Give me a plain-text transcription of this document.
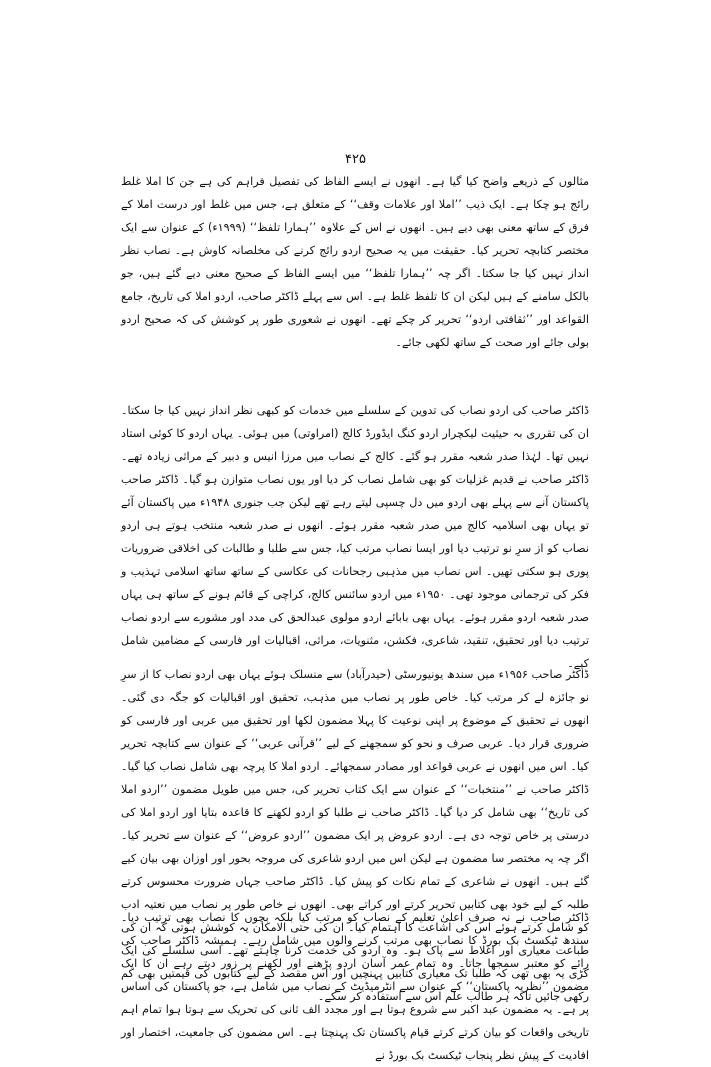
۴۲۵
مثالوں کے ذریعے واضح کیا گیا ہے۔ انھوں نے ایسے الفاظ کی تفصیل فراہم کی ہے جن کا املا غلط رائج ہو چکا ہے۔ ایک ذیب ’’املا اور علامات وقف‘‘ کے متعلق ہے، جس میں غلط اور درست املا کے فرق کے ساتھ معنی بھی دیے ہیں۔ انھوں نے اس کے علاوہ ’’ہمارا تلفظ‘‘ (۱۹۹۹ء) کے عنوان سے ایک مختصر کتابچہ تحریر کیا۔ حقیقت میں یہ صحیح اردو رائج کرنے کی مخلصانہ کاوش ہے۔ نصاب نظر انداز نہیں کیا جا سکتا۔ اگر چہ ’’ہمارا تلفظ‘‘ میں ایسے الفاظ کے صحیح معنی دیے گئے ہیں، جو بالکل سامنے کے ہیں لیکن ان کا تلفظ غلط ہے۔ اس سے پہلے ڈاکٹر صاحب، اردو املا کی تاریخ، جامع القواعد اور ’’ثقافتی اردو‘‘ تحریر کر چکے تھے۔ انھوں نے شعوری طور پر کوشش کی کہ صحیح اردو بولی جائے اور صحت کے ساتھ لکھی جائے۔
ڈاکٹر صاحب کی اردو نصاب کی تدوین کے سلسلے میں خدمات کو کبھی نظر انداز نہیں کیا جا سکتا۔ ان کی تقرری بہ حیثیت لیکچرار اردو کنگ ایڈورڈ کالج (امراوتی) میں ہوئی۔ یہاں اردو کا کوئی استاد نہیں تھا۔ لہٰذا صدر شعبہ مقرر ہو گئے۔ کالج کے نصاب میں مرزا انیس و دبیر کے مراثی زیادہ تھے۔ ڈاکٹر صاحب نے قدیم غزلیات کو بھی شامل نصاب کر دیا اور یوں نصاب متوازن ہو گیا۔ ڈاکٹر صاحب پاکستان آنے سے پہلے بھی اردو میں دل چسپی لیتے رہے تھے لیکن جب جنوری ۱۹۴۸ء میں پاکستان آئے تو یہاں بھی اسلامیہ کالج میں صدر شعبہ مقرر ہوئے۔ انھوں نے صدر شعبہ منتخب ہوتے ہی اردو نصاب کو از سرِ نو ترتیب دیا اور ایسا نصاب مرتب کیا، جس سے طلبا و طالبات کی اخلاقی ضروریات پوری ہو سکتی تھیں۔ اس نصاب میں مذہبی رجحانات کی عکاسی کے ساتھ ساتھ اسلامی تہذیب و فکر کی ترجمانی موجود تھی۔ ۱۹۵۰ء میں اردو سائنس کالج، کراچی کے قائم ہونے کے ساتھ ہی یہاں صدر شعبہ اردو مقرر ہوئے۔ یہاں بھی بابائے اردو مولوی عبدالحق کی مدد اور مشورے سے اردو نصاب ترتیب دیا اور تحقیق، تنقید، شاعری، فکشن، مثنویات، مراثی، اقبالیات اور فارسی کے مضامین شامل کیے۔
ڈاکٹر صاحب ۱۹۵۶ء میں سندھ یونیورسٹی (حیدرآباد) سے منسلک ہوئے یہاں بھی اردو نصاب کا از سرِ نو جائزہ لے کر مرتب کیا۔ خاص طور پر نصاب میں مذہب، تحقیق اور اقبالیات کو جگہ دی گئی۔ انھوں نے تحقیق کے موضوع پر اپنی نوعیت کا پہلا مضمون لکھا اور تحقیق میں عربی اور فارسی کو ضروری قرار دیا۔ عربی صرف و نحو کو سمجھنے کے لیے ’’قرآنی عربی‘‘ کے عنوان سے کتابچہ تحریر کیا۔ اس میں انھوں نے عربی قواعد اور مصادر سمجھائے۔ اردو املا کا پرچہ بھی شامل نصاب کیا گیا۔ ڈاکٹر صاحب نے ’’منتخبات‘‘ کے عنوان سے ایک کتاب تحریر کی، جس میں طویل مضمون ’’اردو املا کی تاریخ‘‘ بھی شامل کر دیا گیا۔ ڈاکٹر صاحب نے طلبا کو اردو لکھنے کا قاعدہ بتایا اور اردو املا کی درستی پر خاص توجہ دی ہے۔ اردو عروض پر ایک مضمون ’’اردو عروض‘‘ کے عنوان سے تحریر کیا۔ اگر چہ یہ مختصر سا مضمون ہے لیکن اس میں اردو شاعری کی مروجہ بحور اور اوزان بھی بیان کیے گئے ہیں۔ انھوں نے شاعری کے تمام نکات کو پیش کیا۔ ڈاکٹر صاحب جہاں ضرورت محسوس کرتے طلبہ کے لیے خود بھی کتابیں تحریر کرتے اور کراتے بھی۔ انھوں نے خاص طور پر نصاب میں نعتیہ ادب کو شامل کرتے ہوئے اس کی اشاعت کا اہتمام کیا۔ ان کی حتی الامکان یہ کوشش ہوتی کہ ان کی طباعت معیاری اور اغلاط سے پاک ہو۔ وہ اردو کی خدمت کرنا چاہتے تھے۔ اسی سلسلے کی ایک کڑی یہ بھی تھی کہ طلبا تک معیاری کتابیں پہنچیں اور اس مقصد کے لیے کتابوں کی قیمتیں بھی کم رکھی جائیں تاکہ ہر طالب علم اس سے استفادہ کر سکے۔
ڈاکٹر صاحب نے نہ صرف اعلیٰ تعلیم کے نصاب کو مرتب کیا بلکہ بچوں کا نصاب بھی ترتیب دیا۔ سندھ ٹیکسٹ بک بورڈ کا نصاب بھی مرتب کرنے والوں میں شامل رہے۔ ہمیشہ ڈاکٹر صاحب کی رائے کو معتبر سمجھا جاتا۔ وہ تمام عمر آسان اردو پڑھنے اور لکھنے پر زور دیتے رہے ان کا ایک مضمون ’’نظریہ پاکستان‘‘ کے عنوان سے انٹرمیڈیٹ کے نصاب میں شامل ہے، جو پاکستان کی اساس پر ہے۔ یہ مضمون عبد اکبر سے شروع ہوتا ہے اور مجدد الف ثانی کی تحریک سے ہوتا ہوا تمام اہم تاریخی واقعات کو بیان کرتے کرتے قیام پاکستان تک پہنچتا ہے۔ اس مضمون کی جامعیت، اختصار اور افادیت کے پیش نظر پنجاب ٹیکسٹ بک بورڈ نے
